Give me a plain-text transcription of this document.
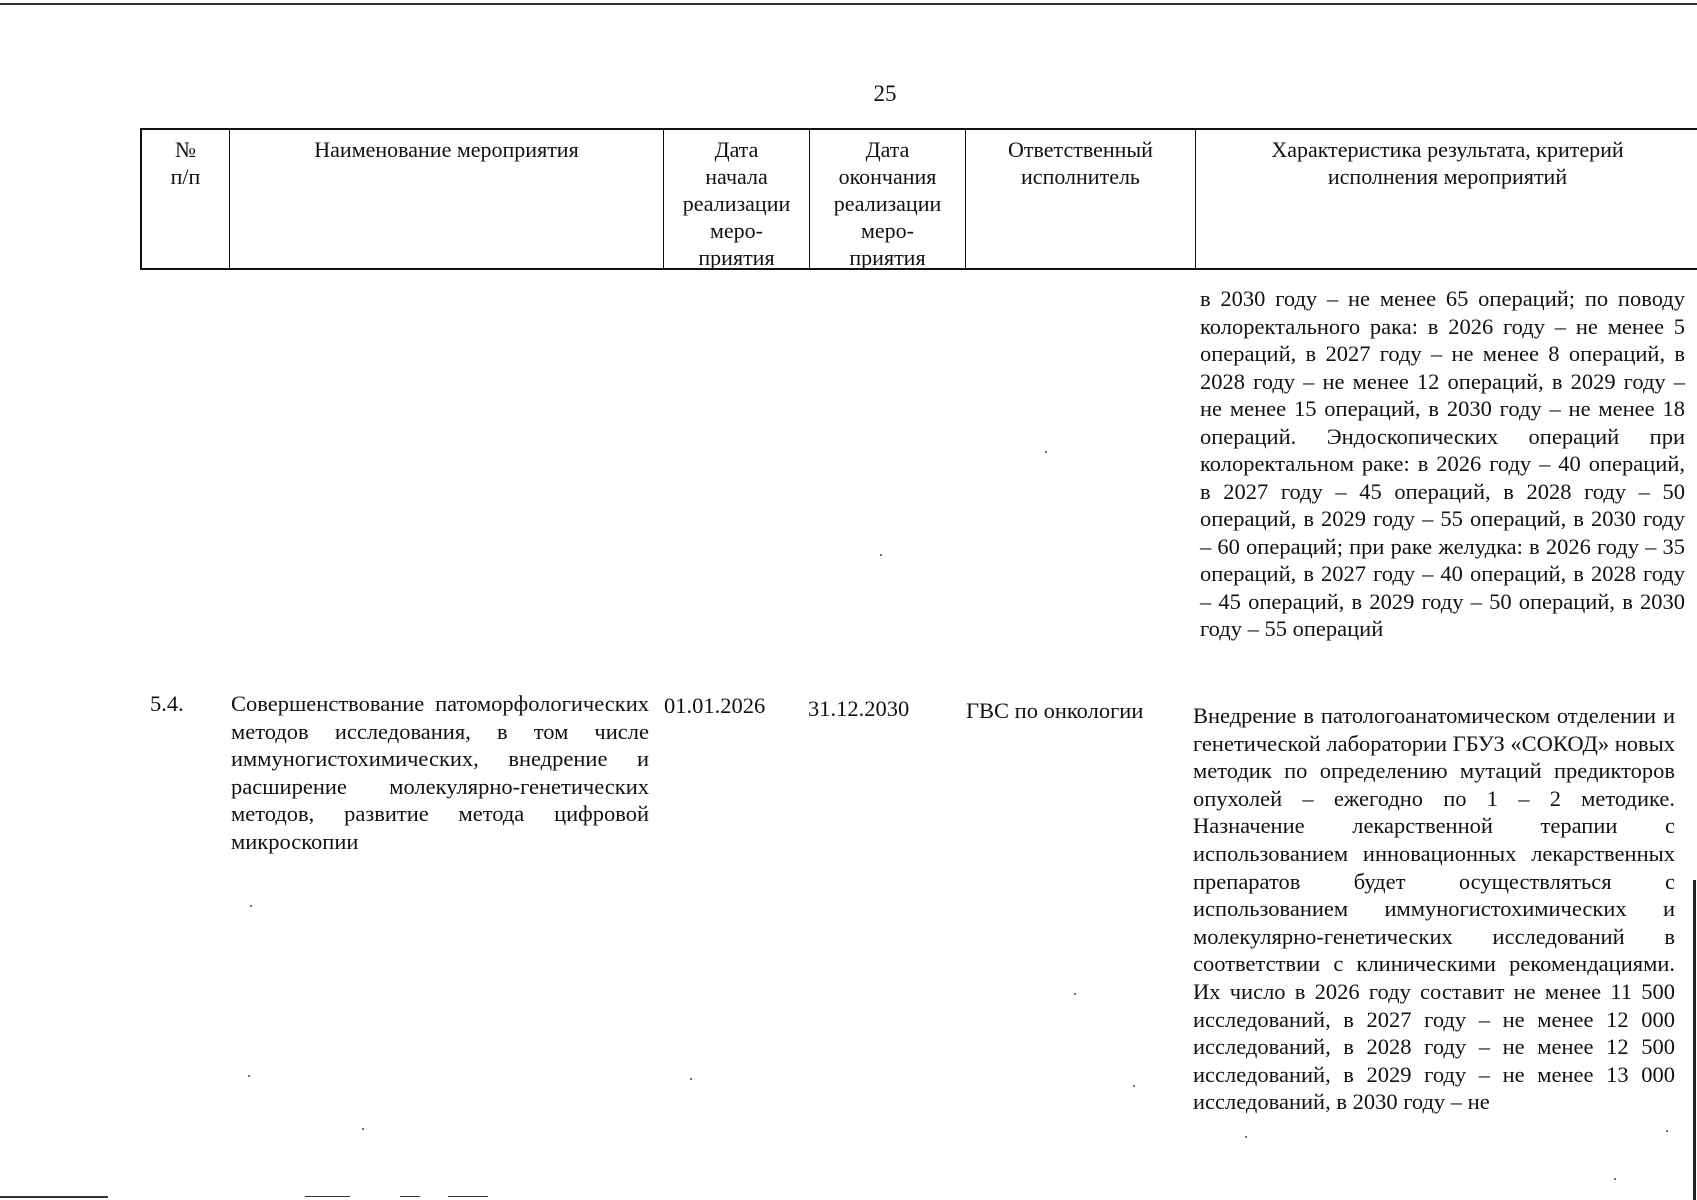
25
№
п/п
Наименование мероприятия	Дата
начала
реализации
меро-
приятия
Дата
окончания
реализации
меро-
приятия
Ответственный
исполнитель
Характеристика результата, критерий
исполнения мероприятий
в 2030 году – не менее 65 операций; по поводу колоректального рака: в 2026 году – не менее 5 операций, в 2027 году – не менее 8 операций, в 2028 году – не менее 12 операций, в 2029 году – не менее 15 операций, в 2030 году – не менее 18 операций. Эндоскопических операций при колоректальном раке: в 2026 году – 40 операций, в 2027 году – 45 операций, в 2028 году – 50 операций, в 2029 году – 55 операций, в 2030 году – 60 операций; при раке желудка: в 2026 году – 35 операций, в 2027 году – 40 операций, в 2028 году – 45 операций, в 2029 году – 50 операций, в 2030 году – 55 операций
5.4. Совершенствование патоморфологических методов исследования, в том числе иммуногистохимических, внедрение и расширение молекулярно-генетических методов, развитие метода цифровой микроскопии
01.01.2026 31.12.2030	ГВС по онкологии Внедрение в патологоанатомическом отделении и генетической лаборатории ГБУЗ «СОКОД» новых методик по определению мутаций предикторов опухолей – ежегодно по 1 – 2 методике. Назначение лекарственной терапии с использованием инновационных лекарственных препаратов будет осуществляться с использованием иммуногистохимических и молекулярно-генетических исследований в соответствии с клиническими рекомендациями. Их число в 2026 году составит не менее 11 500 исследований, в 2027 году – не менее 12 000 исследований, в 2028 году – не менее 12 500 исследований, в 2029 году – не менее 13 000 исследований, в 2030 году – не
